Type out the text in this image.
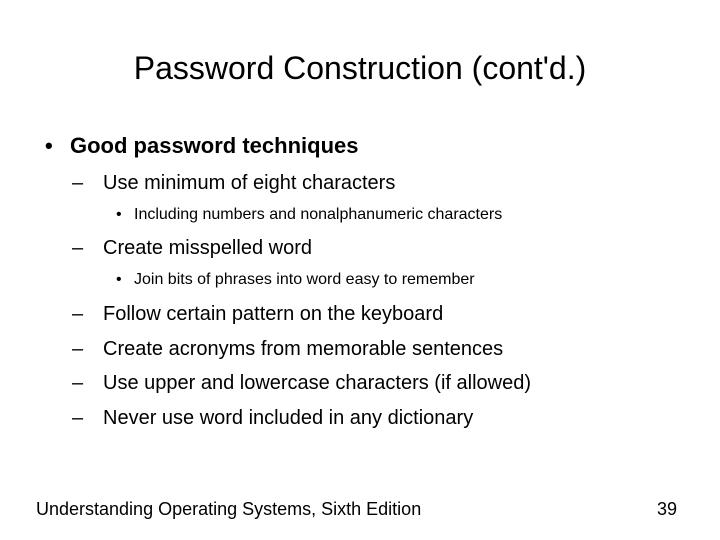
Password Construction (cont'd.)
• Good password techniques
– Use minimum of eight characters
• Including numbers and nonalphanumeric characters
– Create misspelled word
• Join bits of phrases into word easy to remember
– Follow certain pattern on the keyboard
– Create acronyms from memorable sentences
– Use upper and lowercase characters (if allowed)
– Never use word included in any dictionary
Understanding Operating Systems, Sixth Edition	39
